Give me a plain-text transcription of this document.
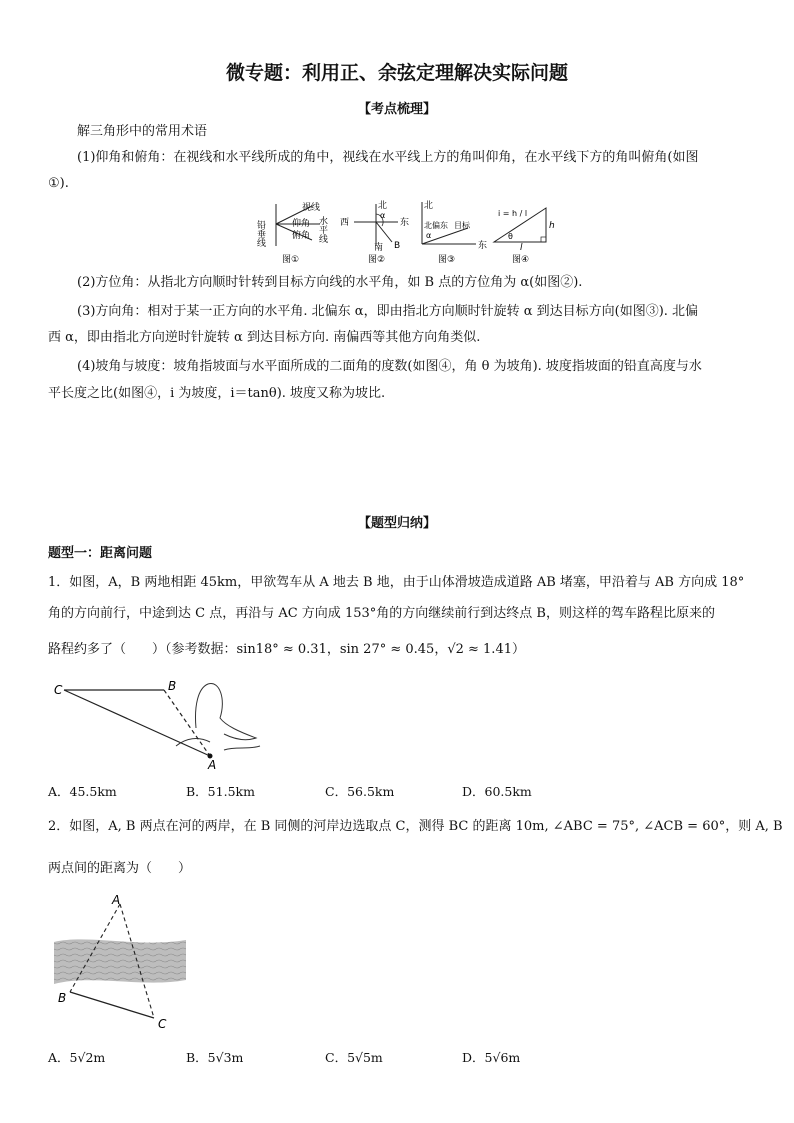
微专题：利用正、余弦定理解决实际问题
【考点梳理】
解三角形中的常用术语
(1)仰角和俯角：在视线和水平线所成的角中，视线在水平线上方的角叫仰角，在水平线下方的角叫俯角(如图
①).
铅垂线
视线
仰角
俯角 水平线
图①
北
西	东
南 B
α
图②
北
北偏东 目标
α
东
图③
i = h / l
h
l
θ
图④
(2)方位角：从指北方向顺时针转到目标方向线的水平角，如 B 点的方位角为 α(如图②).
(3)方向角：相对于某一正方向的水平角. 北偏东 α，即由指北方向顺时针旋转 α 到达目标方向(如图③). 北偏
西 α，即由指北方向逆时针旋转 α 到达目标方向. 南偏西等其他方向角类似.
(4)坡角与坡度：坡角指坡面与水平面所成的二面角的度数(如图④，角 θ 为坡角). 坡度指坡面的铅直高度与水
平长度之比(如图④，i 为坡度，i＝tanθ). 坡度又称为坡比.
【题型归纳】
题型一：距离问题
1．如图，A，B 两地相距 45km，甲欲驾车从 A 地去 B 地，由于山体滑坡造成道路 AB 堵塞，甲沿着与 AB 方向成 18°
角的方向前行，中途到达 C 点，再沿与 AC 方向成 153°角的方向继续前行到达终点 B，则这样的驾车路程比原来的
路程约多了（　　）（参考数据：sin18° ≈ 0.31，sin 27° ≈ 0.45，√2 ≈ 1.41）
C	B
A
A．45.5km	B．51.5km	C．56.5km	D．60.5km
2．如图，A, B 两点在河的两岸，在 B 同侧的河岸边选取点 C，测得 BC 的距离 10m, ∠ABC = 75°, ∠ACB = 60°，则 A, B
两点间的距离为（　　）
A
B
C
A．5√2m	B．5√3m	C．5√5m	D．5√6m
